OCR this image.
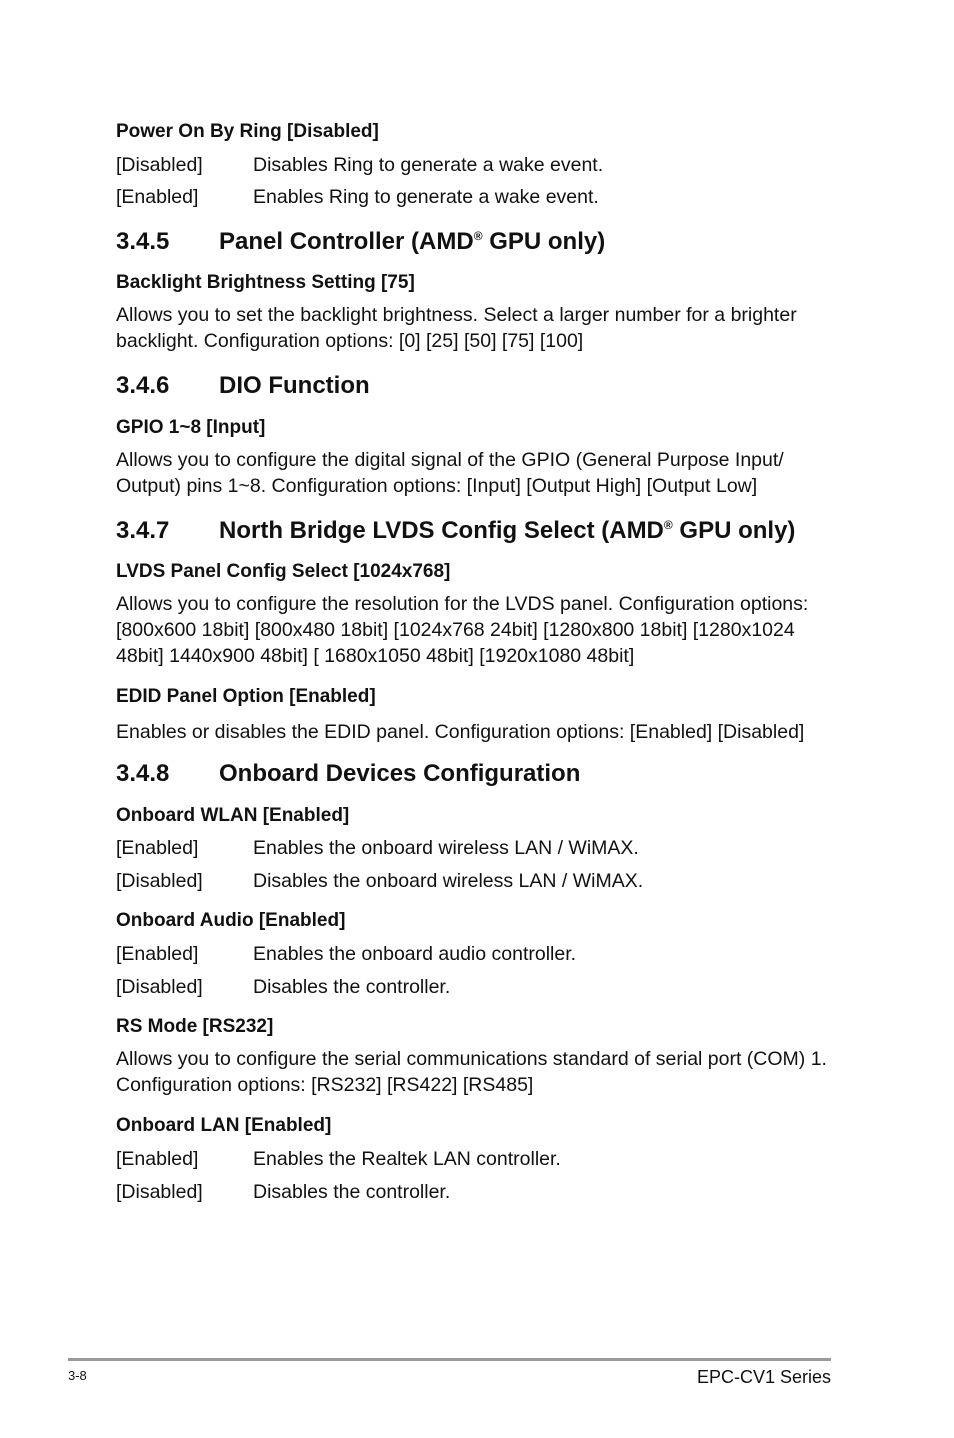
Power On By Ring [Disabled]
[Disabled]	Disables Ring to generate a wake event.
[Enabled]	Enables Ring to generate a wake event.
3.4.5 Panel Controller (AMD® GPU only)
Backlight Brightness Setting [75]
Allows you to set the backlight brightness. Select a larger number for a brighter backlight. Configuration options: [0] [25] [50] [75] [100]
3.4.6 DIO Function
GPIO 1~8 [Input]
Allows you to configure the digital signal of the GPIO (General Purpose Input/ Output) pins 1~8. Configuration options: [Input] [Output High] [Output Low]
3.4.7 North Bridge LVDS Config Select (AMD® GPU only)
LVDS Panel Config Select [1024x768]
Allows you to configure the resolution for the LVDS panel. Configuration options: [800x600 18bit] [800x480 18bit] [1024x768 24bit] [1280x800 18bit] [1280x1024 48bit] 1440x900 48bit] [ 1680x1050 48bit] [1920x1080 48bit]
EDID Panel Option [Enabled]
Enables or disables the EDID panel. Configuration options: [Enabled] [Disabled]
3.4.8 Onboard Devices Configuration
Onboard WLAN [Enabled]
[Enabled]	Enables the onboard wireless LAN / WiMAX.
[Disabled]	Disables the onboard wireless LAN / WiMAX.
Onboard Audio [Enabled]
[Enabled]	Enables the onboard audio controller.
[Disabled]	Disables the controller.
RS Mode [RS232]
Allows you to configure the serial communications standard of serial port (COM) 1. Configuration options: [RS232] [RS422] [RS485]
Onboard LAN [Enabled]
[Enabled]	Enables the Realtek LAN controller.
[Disabled]	Disables the controller.
3-8	EPC-CV1 Series
